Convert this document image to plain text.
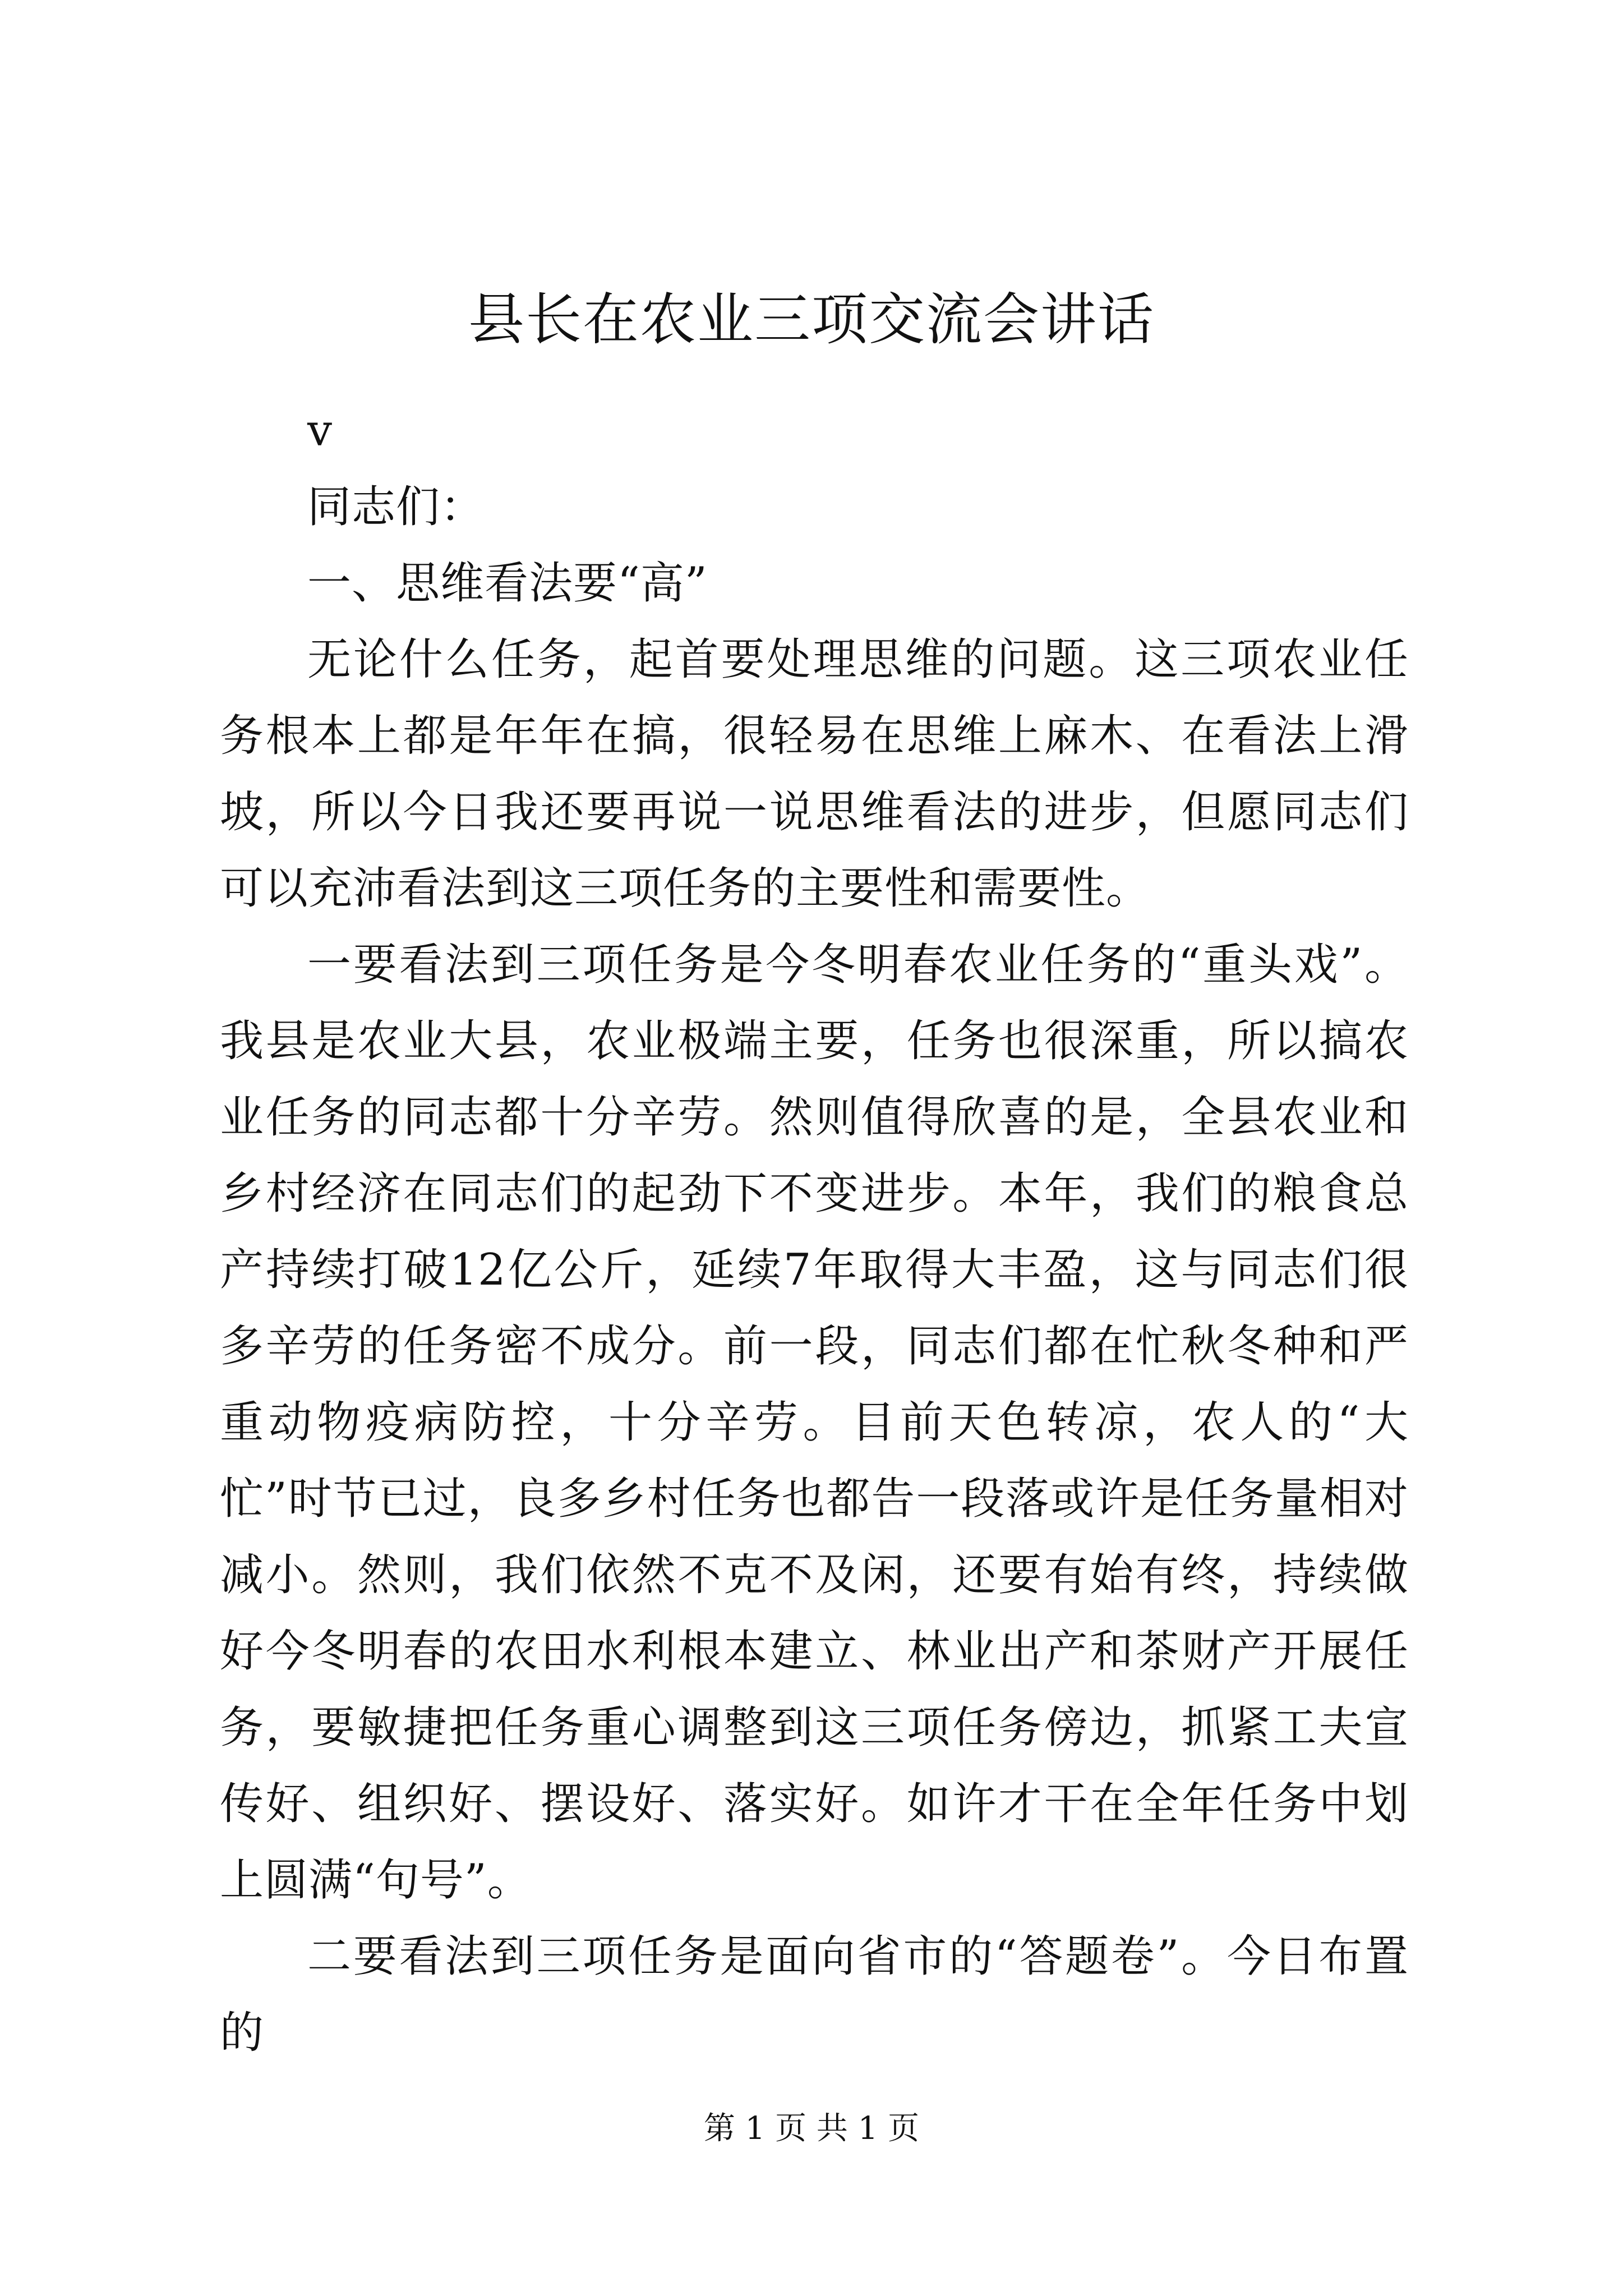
县长在农业三项交流会讲话

v

同志们：

一、思维看法要“高”

无论什么任务，起首要处理思维的问题。这三项农业任务根本上都是年年在搞，很轻易在思维上麻木、在看法上滑坡，所以今日我还要再说一说思维看法的进步，但愿同志们可以充沛看法到这三项任务的主要性和需要性。

一要看法到三项任务是今冬明春农业任务的“重头戏”。我县是农业大县，农业极端主要，任务也很深重，所以搞农业任务的同志都十分辛劳。然则值得欣喜的是，全县农业和乡村经济在同志们的起劲下不变进步。本年，我们的粮食总产持续打破12亿公斤，延续7年取得大丰盈，这与同志们很多辛劳的任务密不成分。前一段，同志们都在忙秋冬种和严重动物疫病防控，十分辛劳。目前天色转凉，农人的“大忙”时节已过，良多乡村任务也都告一段落或许是任务量相对减小。然则，我们依然不克不及闲，还要有始有终，持续做好今冬明春的农田水利根本建立、林业出产和茶财产开展任务，要敏捷把任务重心调整到这三项任务傍边，抓紧工夫宣传好、组织好、摆设好、落实好。如许才干在全年任务中划上圆满“句号”。

二要看法到三项任务是面向省市的“答题卷”。今日布置的

第 1 页 共 1 页
